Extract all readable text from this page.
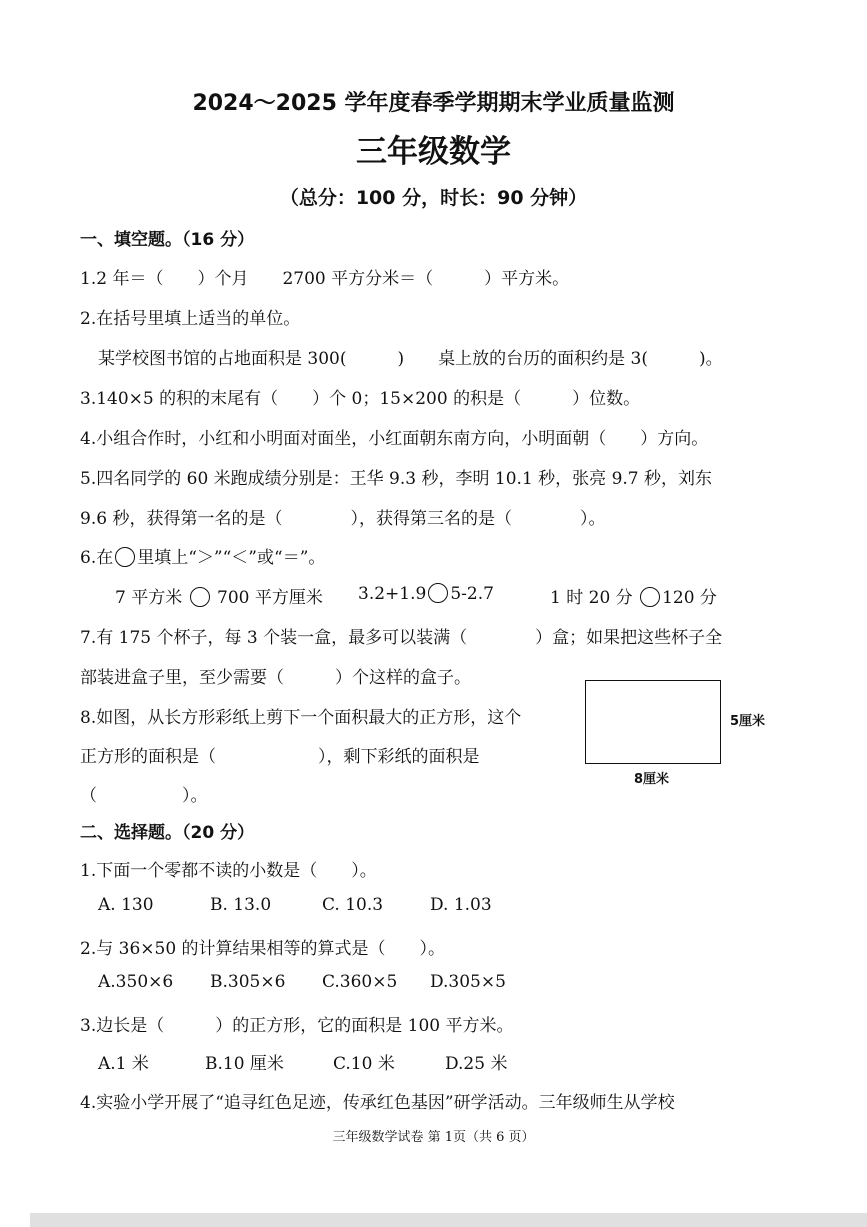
2024～2025 学年度春季学期期末学业质量监测
三年级数学
（总分：100 分，时长：90 分钟）
一、填空题。（16 分）
1.2 年＝（　　）个月　　2700 平方分米＝（　　　）平方米。
2.在括号里填上适当的单位。
某学校图书馆的占地面积是 300(　　　)　　桌上放的台历的面积约是 3(　　　)。
3.140×5 的积的末尾有（　　）个 0；15×200 的积是（　　　）位数。
4.小组合作时，小红和小明面对面坐，小红面朝东南方向，小明面朝（　　）方向。
5.四名同学的 60 米跑成绩分别是：王华 9.3 秒，李明 10.1 秒，张亮 9.7 秒，刘东
9.6 秒，获得第一名的是（　　　　），获得第三名的是（　　　　）。
6.在 里填上“＞”“＜”或“＝”。
7 平方米 700 平方厘米 3.2+1.9 5-2.7	1 时 20 分 120 分
7.有 175 个杯子，每 3 个装一盒，最多可以装满（　　　　）盒；如果把这些杯子全
部装进盒子里，至少需要（　　　）个这样的盒子。
8.如图，从长方形彩纸上剪下一个面积最大的正方形，这个
正方形的面积是（　　　　　　），剩下彩纸的面积是
（　　　　　）。
5厘米
8厘米
二、选择题。（20 分）
1.下面一个零都不读的小数是（　　）。
A. 130	B. 13.0	C. 10.3	D. 1.03
2.与 36×50 的计算结果相等的算式是（　　）。
A.350×6 B.305×6 C.360×5 D.305×5
3.边长是（　　　）的正方形，它的面积是 100 平方米。
A.1 米	B.10 厘米	C.10 米	D.25 米
4.实验小学开展了“追寻红色足迹，传承红色基因”研学活动。三年级师生从学校
三年级数学试卷 第 1页（共 6 页）
